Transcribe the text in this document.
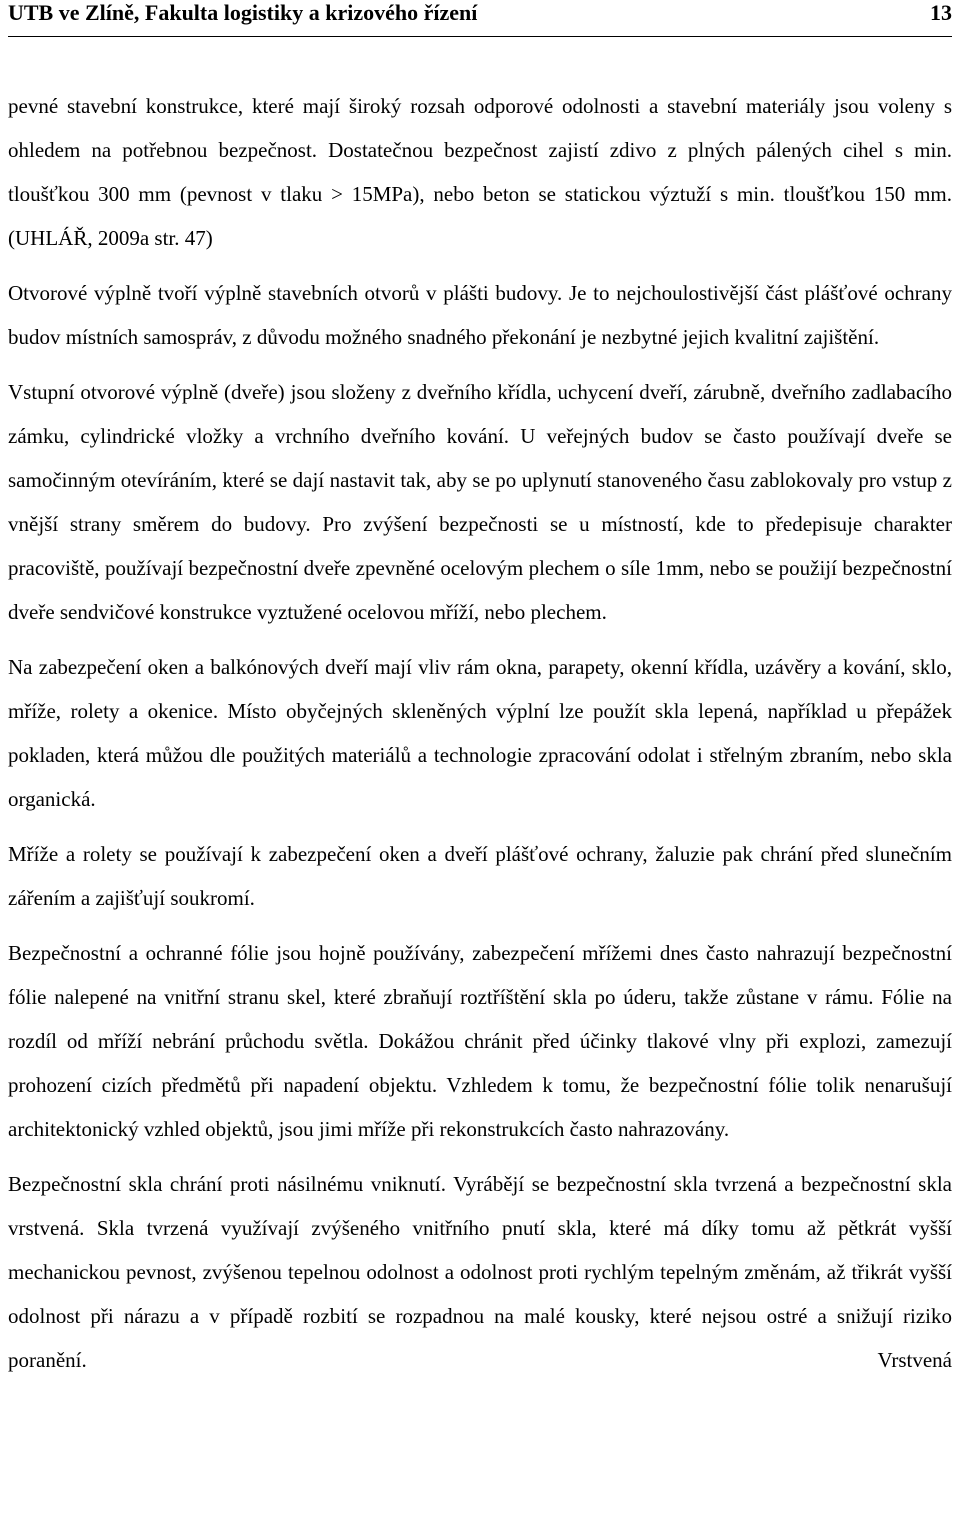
UTB ve Zlíně, Fakulta logistiky a krizového řízení	13

pevné stavební konstrukce, které mají široký rozsah odporové odolnosti a stavební materiály jsou voleny s ohledem na potřebnou bezpečnost. Dostatečnou bezpečnost zajistí zdivo z plných pálených cihel s min. tloušťkou 300 mm (pevnost v tlaku > 15MPa), nebo beton se statickou výztuží s min. tloušťkou 150 mm. (UHLÁŘ, 2009a str. 47)

Otvorové výplně tvoří výplně stavebních otvorů v plášti budovy. Je to nejchoulostivější část plášťové ochrany budov místních samospráv, z důvodu možného snadného překonání je nezbytné jejich kvalitní zajištění.

Vstupní otvorové výplně (dveře) jsou složeny z dveřního křídla, uchycení dveří, zárubně, dveřního zadlabacího zámku, cylindrické vložky a vrchního dveřního kování. U veřejných budov se často používají dveře se samočinným otevíráním, které se dají nastavit tak, aby se po uplynutí stanoveného času zablokovaly pro vstup z vnější strany směrem do budovy. Pro zvýšení bezpečnosti se u místností, kde to předepisuje charakter pracoviště, používají bezpečnostní dveře zpevněné ocelovým plechem o síle 1mm, nebo se použijí bezpečnostní dveře sendvičové konstrukce vyztužené ocelovou mříží, nebo plechem.

Na zabezpečení oken a balkónových dveří mají vliv rám okna, parapety, okenní křídla, uzávěry a kování, sklo, mříže, rolety a okenice. Místo obyčejných skleněných výplní lze použít skla lepená, například u přepážek pokladen, která můžou dle použitých materiálů a technologie zpracování odolat i střelným zbraním, nebo skla organická.

Mříže a rolety se používají k zabezpečení oken a dveří plášťové ochrany, žaluzie pak chrání před slunečním zářením a zajišťují soukromí.

Bezpečnostní a ochranné fólie jsou hojně používány, zabezpečení mřížemi dnes často nahrazují bezpečnostní fólie nalepené na vnitřní stranu skel, které zbraňují roztříštění skla po úderu, takže zůstane v rámu. Fólie na rozdíl od mříží nebrání průchodu světla. Dokážou chránit před účinky tlakové vlny při explozi, zamezují prohození cizích předmětů při napadení objektu. Vzhledem k tomu, že bezpečnostní fólie tolik nenarušují architektonický vzhled objektů, jsou jimi mříže při rekonstrukcích často nahrazovány.

Bezpečnostní skla chrání proti násilnému vniknutí. Vyrábějí se bezpečnostní skla tvrzená a bezpečnostní skla vrstvená. Skla tvrzená využívají zvýšeného vnitřního pnutí skla, které má díky tomu až pětkrát vyšší mechanickou pevnost, zvýšenou tepelnou odolnost a odolnost proti rychlým tepelným změnám, až třikrát vyšší odolnost při nárazu a v případě rozbití se rozpadnou na malé kousky, které nejsou ostré a snižují riziko poranění. Vrstvená
